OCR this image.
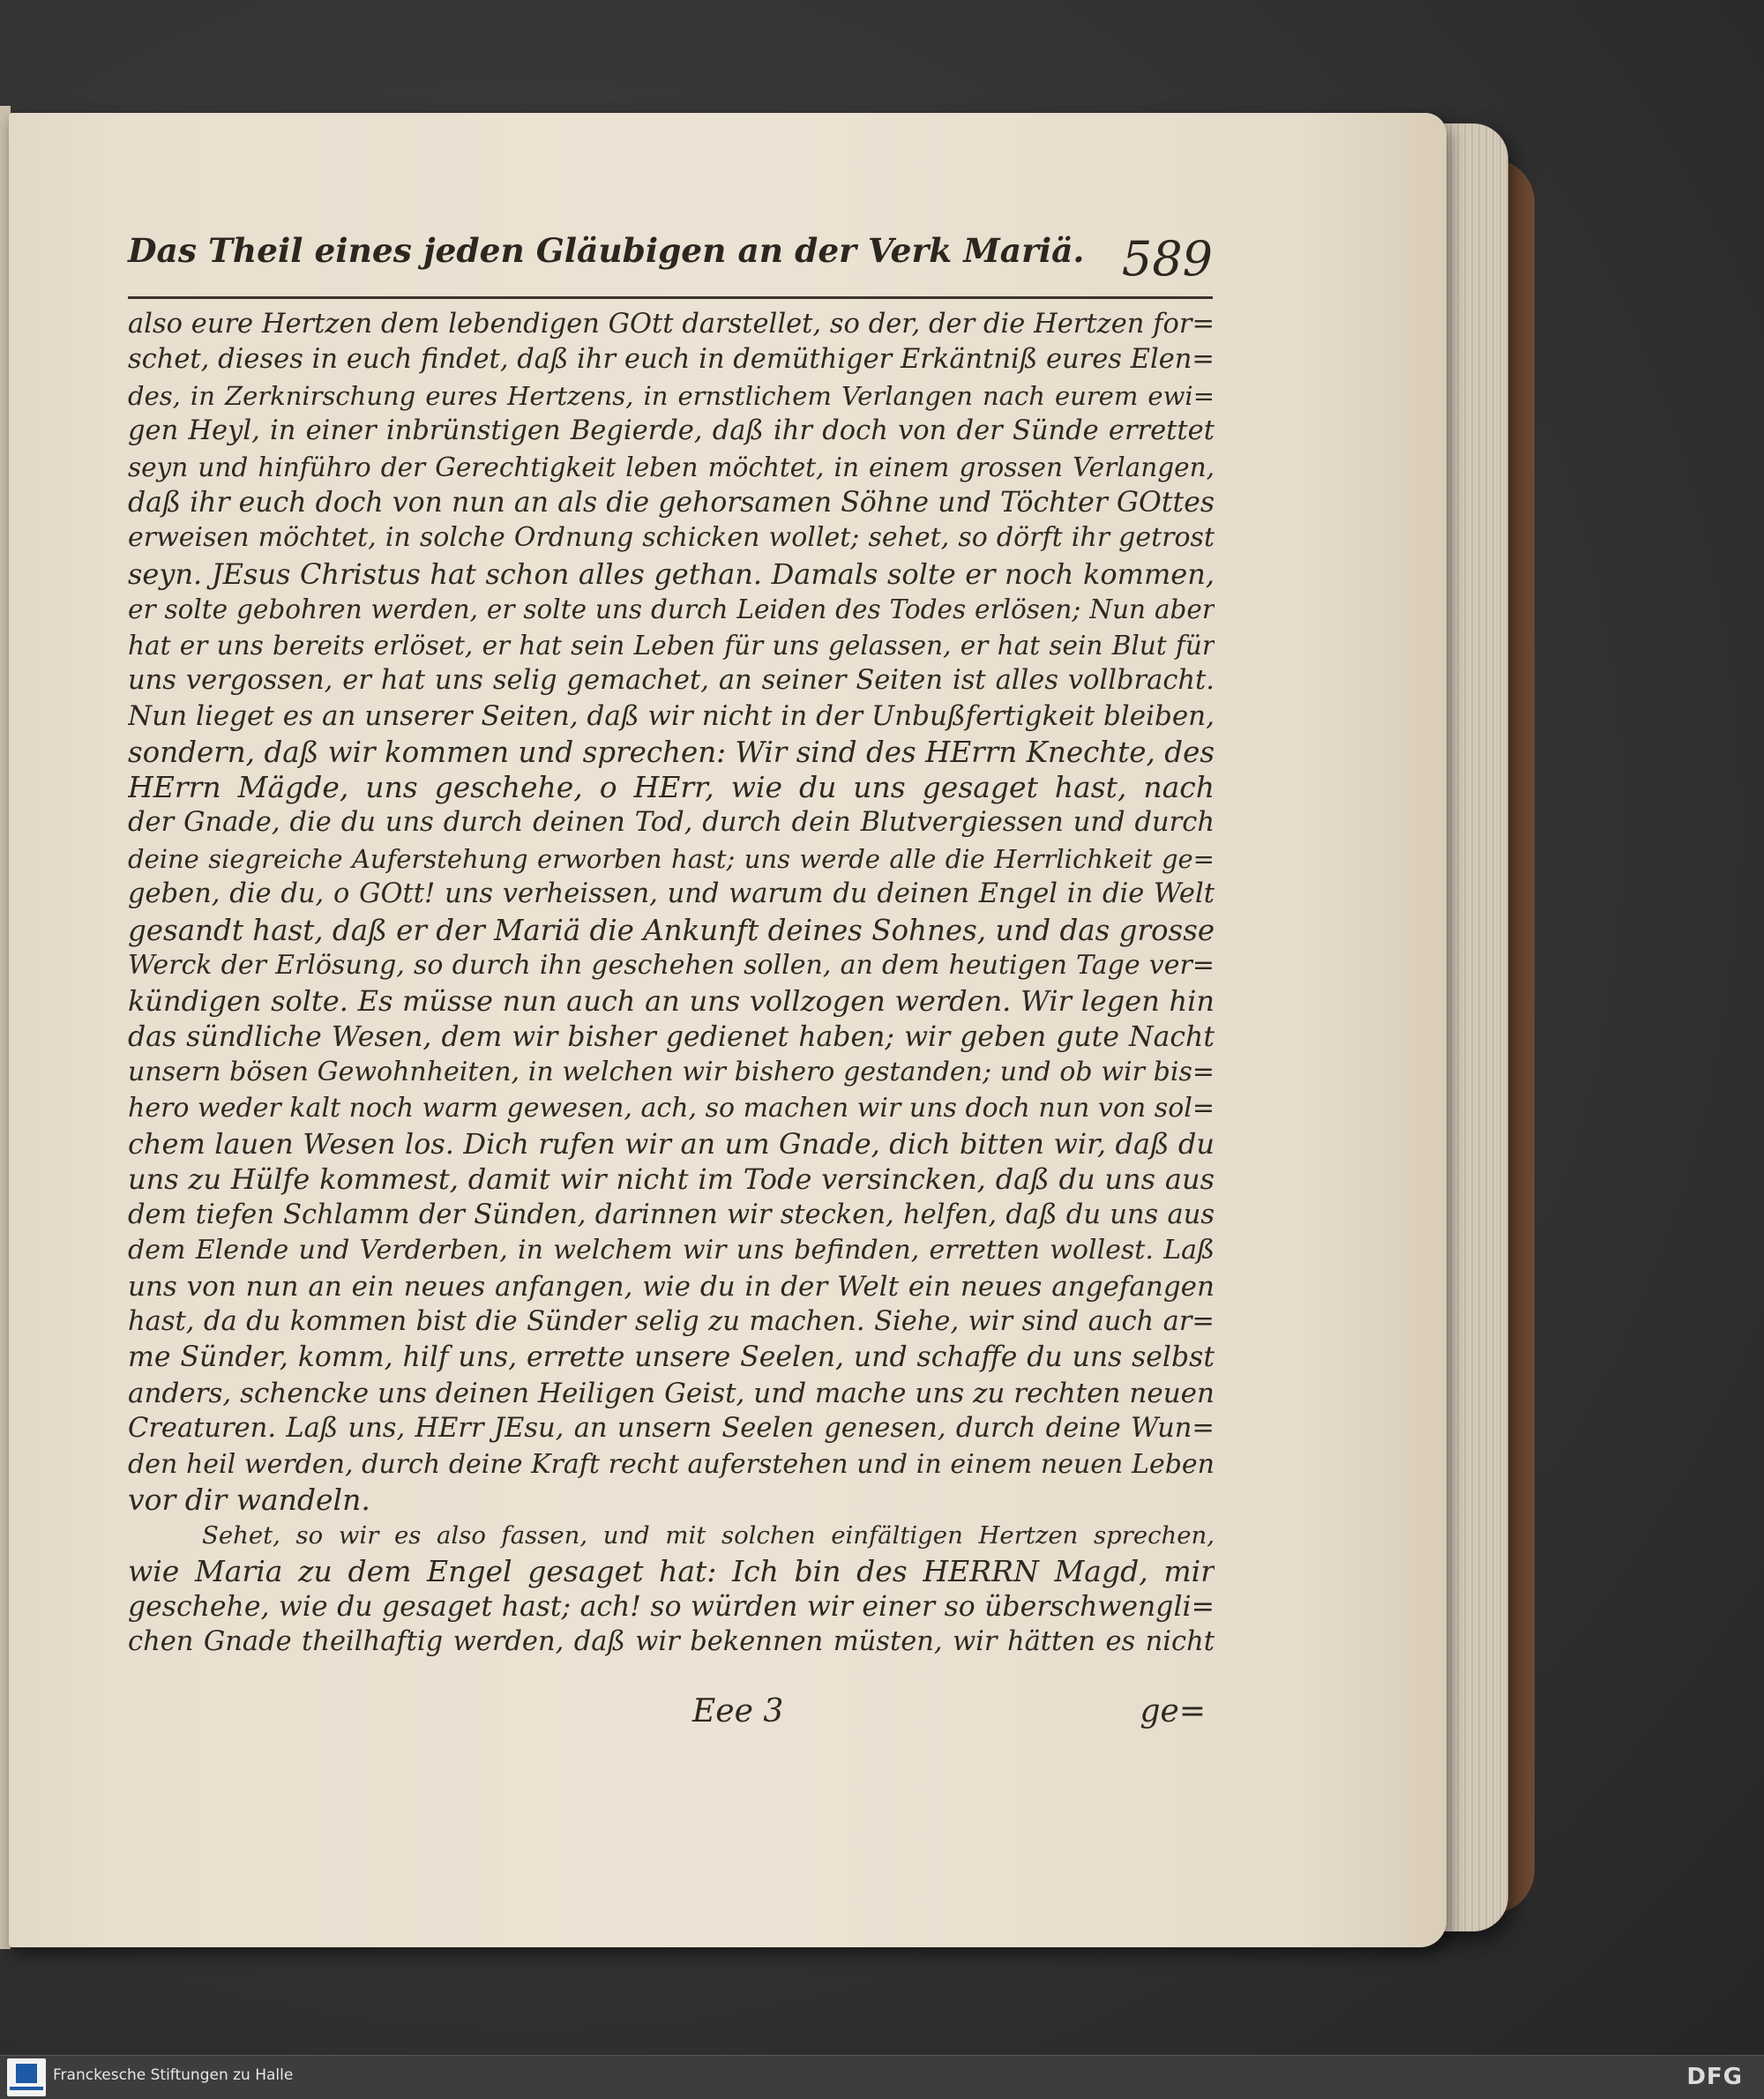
Das Theil eines jeden Gläubigen an der Verk Mariä. 589
also eure Hertzen dem lebendigen GOtt darstellet, so der, der die Hertzen for=
schet, dieses in euch findet, daß ihr euch in demüthiger Erkäntniß eures Elen=
des, in Zerknirschung eures Hertzens, in ernstlichem Verlangen nach eurem ewi=
gen Heyl, in einer inbrünstigen Begierde, daß ihr doch von der Sünde errettet
seyn und hinführo der Gerechtigkeit leben möchtet, in einem grossen Verlangen,
daß ihr euch doch von nun an als die gehorsamen Söhne und Töchter GOttes
erweisen möchtet, in solche Ordnung schicken wollet; sehet, so dörft ihr getrost
seyn. JEsus Christus hat schon alles gethan. Damals solte er noch kommen,
er solte gebohren werden, er solte uns durch Leiden des Todes erlösen; Nun aber
hat er uns bereits erlöset, er hat sein Leben für uns gelassen, er hat sein Blut für
uns vergossen, er hat uns selig gemachet, an seiner Seiten ist alles vollbracht.
Nun lieget es an unserer Seiten, daß wir nicht in der Unbußfertigkeit bleiben,
sondern, daß wir kommen und sprechen: Wir sind des HErrn Knechte, des
HErrn Mägde, uns geschehe, o HErr, wie du uns gesaget hast, nach
der Gnade, die du uns durch deinen Tod, durch dein Blutvergiessen und durch
deine siegreiche Auferstehung erworben hast; uns werde alle die Herrlichkeit ge=
geben, die du, o GOtt! uns verheissen, und warum du deinen Engel in die Welt
gesandt hast, daß er der Mariä die Ankunft deines Sohnes, und das grosse
Werck der Erlösung, so durch ihn geschehen sollen, an dem heutigen Tage ver=
kündigen solte. Es müsse nun auch an uns vollzogen werden. Wir legen hin
das sündliche Wesen, dem wir bisher gedienet haben; wir geben gute Nacht
unsern bösen Gewohnheiten, in welchen wir bishero gestanden; und ob wir bis=
hero weder kalt noch warm gewesen, ach, so machen wir uns doch nun von sol=
chem lauen Wesen los. Dich rufen wir an um Gnade, dich bitten wir, daß du
uns zu Hülfe kommest, damit wir nicht im Tode versincken, daß du uns aus
dem tiefen Schlamm der Sünden, darinnen wir stecken, helfen, daß du uns aus
dem Elende und Verderben, in welchem wir uns befinden, erretten wollest. Laß
uns von nun an ein neues anfangen, wie du in der Welt ein neues angefangen
hast, da du kommen bist die Sünder selig zu machen. Siehe, wir sind auch ar=
me Sünder, komm, hilf uns, errette unsere Seelen, und schaffe du uns selbst
anders, schencke uns deinen Heiligen Geist, und mache uns zu rechten neuen
Creaturen. Laß uns, HErr JEsu, an unsern Seelen genesen, durch deine Wun=
den heil werden, durch deine Kraft recht auferstehen und in einem neuen Leben
vor dir wandeln.
Sehet, so wir es also fassen, und mit solchen einfältigen Hertzen sprechen,
wie Maria zu dem Engel gesaget hat: Ich bin des HERRN Magd, mir
geschehe, wie du gesaget hast; ach! so würden wir einer so überschwengli=
chen Gnade theilhaftig werden, daß wir bekennen müsten, wir hätten es nicht
Eee 3	ge=
Franckesche Stiftungen zu Halle	DFG
